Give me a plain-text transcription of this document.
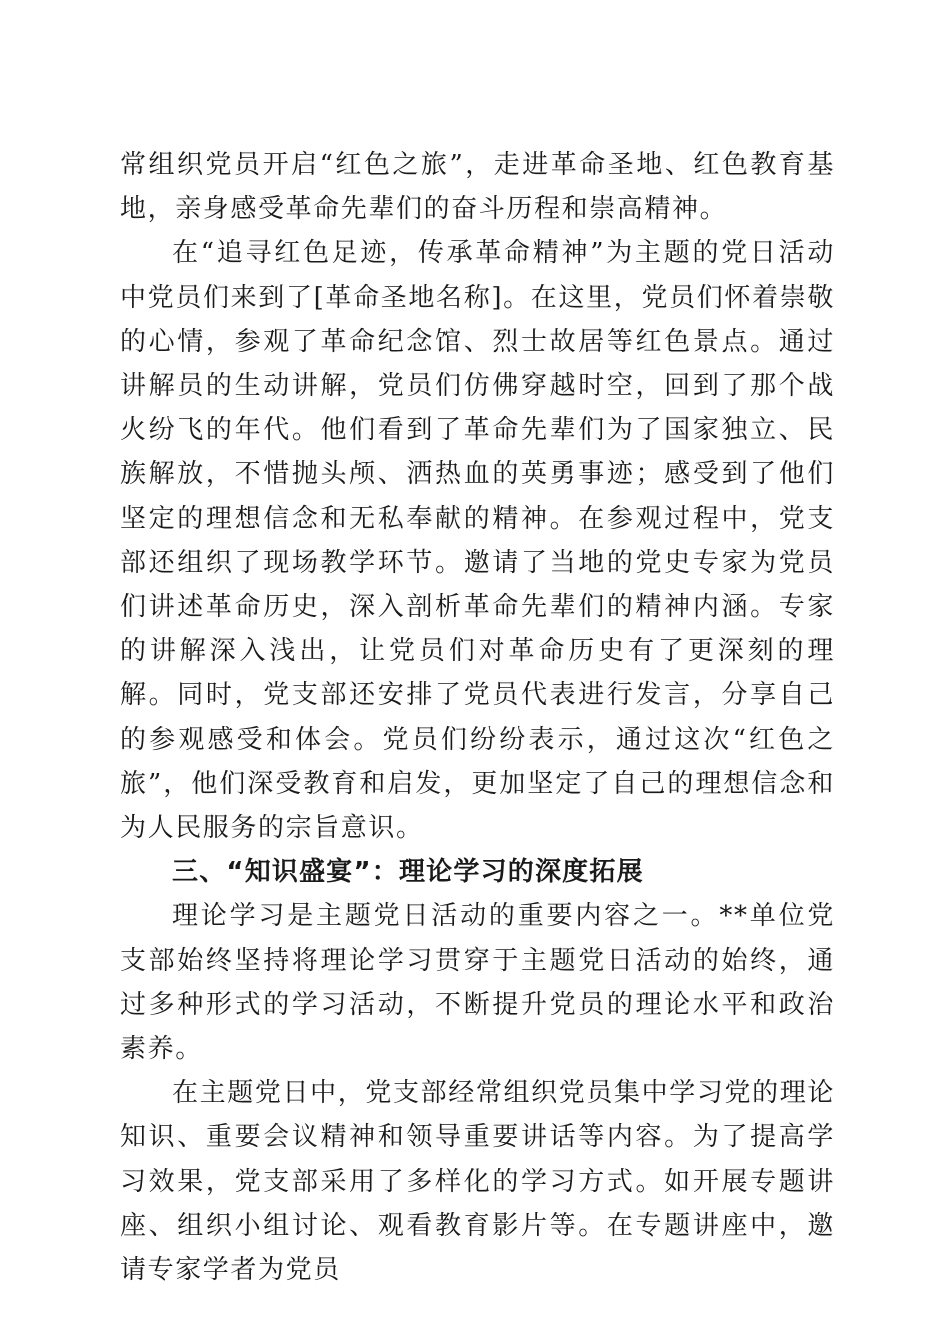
常组织党员开启“红色之旅”，走进革命圣地、红色教育基地，亲身感受革命先辈们的奋斗历程和崇高精神。

在“追寻红色足迹，传承革命精神”为主题的党日活动中党员们来到了[革命圣地名称]。在这里，党员们怀着崇敬的心情，参观了革命纪念馆、烈士故居等红色景点。通过讲解员的生动讲解，党员们仿佛穿越时空，回到了那个战火纷飞的年代。他们看到了革命先辈们为了国家独立、民族解放，不惜抛头颅、洒热血的英勇事迹；感受到了他们坚定的理想信念和无私奉献的精神。在参观过程中，党支部还组织了现场教学环节。邀请了当地的党史专家为党员们讲述革命历史，深入剖析革命先辈们的精神内涵。专家的讲解深入浅出，让党员们对革命历史有了更深刻的理解。同时，党支部还安排了党员代表进行发言，分享自己的参观感受和体会。党员们纷纷表示，通过这次“红色之旅”，他们深受教育和启发，更加坚定了自己的理想信念和为人民服务的宗旨意识。

三、“知识盛宴”：理论学习的深度拓展

理论学习是主题党日活动的重要内容之一。**单位党支部始终坚持将理论学习贯穿于主题党日活动的始终，通过多种形式的学习活动，不断提升党员的理论水平和政治素养。

在主题党日中，党支部经常组织党员集中学习党的理论知识、重要会议精神和领导重要讲话等内容。为了提高学习效果，党支部采用了多样化的学习方式。如开展专题讲座、组织小组讨论、观看教育影片等。在专题讲座中，邀请专家学者为党员
